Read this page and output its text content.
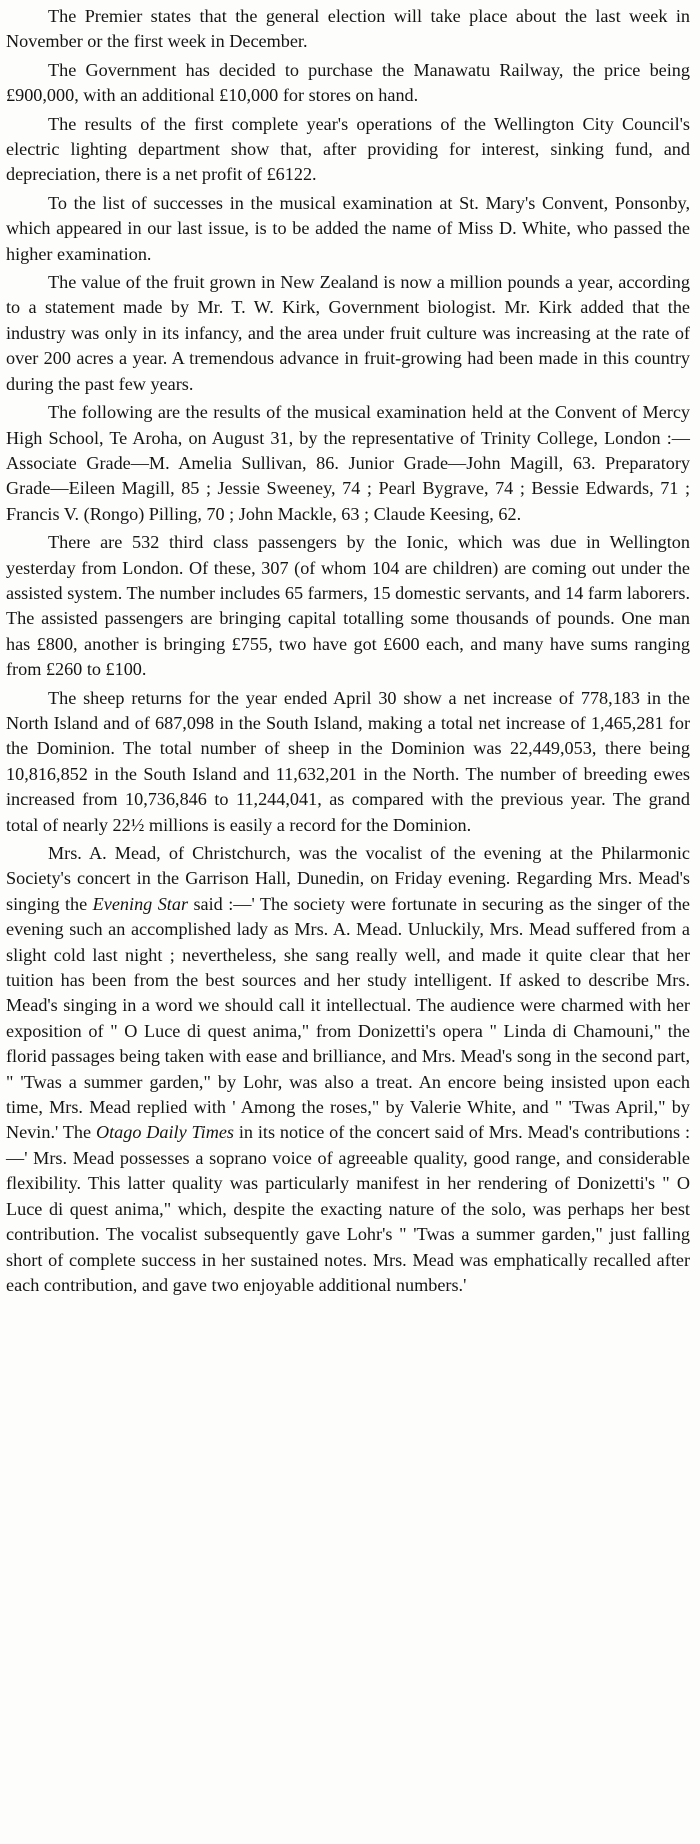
The Premier states that the general election will take place about the last week in November or the first week in December.

The Government has decided to purchase the Manawatu Railway, the price being £900,000, with an additional £10,000 for stores on hand.

The results of the first complete year's operations of the Wellington City Council's electric lighting department show that, after providing for interest, sinking fund, and depreciation, there is a net profit of £6122.

To the list of successes in the musical examination at St. Mary's Convent, Ponsonby, which appeared in our last issue, is to be added the name of Miss D. White, who passed the higher examination.

The value of the fruit grown in New Zealand is now a million pounds a year, according to a statement made by Mr. T. W. Kirk, Government biologist. Mr. Kirk added that the industry was only in its infancy, and the area under fruit culture was increasing at the rate of over 200 acres a year. A tremendous advance in fruit-growing had been made in this country during the past few years.

The following are the results of the musical examination held at the Convent of Mercy High School, Te Aroha, on August 31, by the representative of Trinity College, London :—Associate Grade—M. Amelia Sullivan, 86. Junior Grade—John Magill, 63. Preparatory Grade—Eileen Magill, 85 ; Jessie Sweeney, 74 ; Pearl Bygrave, 74 ; Bessie Edwards, 71 ; Francis V. (Rongo) Pilling, 70 ; John Mackle, 63 ; Claude Keesing, 62.

There are 532 third class passengers by the Ionic, which was due in Wellington yesterday from London. Of these, 307 (of whom 104 are children) are coming out under the assisted system. The number includes 65 farmers, 15 domestic servants, and 14 farm laborers. The assisted passengers are bringing capital totalling some thousands of pounds. One man has £800, another is bringing £755, two have got £600 each, and many have sums ranging from £260 to £100.

The sheep returns for the year ended April 30 show a net increase of 778,183 in the North Island and of 687,098 in the South Island, making a total net increase of 1,465,281 for the Dominion. The total number of sheep in the Dominion was 22,449,053, there being 10,816,852 in the South Island and 11,632,201 in the North. The number of breeding ewes increased from 10,736,846 to 11,244,041, as compared with the previous year. The grand total of nearly 22½ millions is easily a record for the Dominion.

Mrs. A. Mead, of Christchurch, was the vocalist of the evening at the Philarmonic Society's concert in the Garrison Hall, Dunedin, on Friday evening. Regarding Mrs. Mead's singing the Evening Star said :—' The society were fortunate in securing as the singer of the evening such an accomplished lady as Mrs. A. Mead. Unluckily, Mrs. Mead suffered from a slight cold last night ; nevertheless, she sang really well, and made it quite clear that her tuition has been from the best sources and her study intelligent. If asked to describe Mrs. Mead's singing in a word we should call it intellectual. The audience were charmed with her exposition of " O Luce di quest anima," from Donizetti's opera " Linda di Chamouni," the florid passages being taken with ease and brilliance, and Mrs. Mead's song in the second part, " 'Twas a summer garden," by Lohr, was also a treat. An encore being insisted upon each time, Mrs. Mead replied with ' Among the roses," by Valerie White, and " 'Twas April," by Nevin.' The Otago Daily Times in its notice of the concert said of Mrs. Mead's contributions :—' Mrs. Mead possesses a soprano voice of agreeable quality, good range, and considerable flexibility. This latter quality was particularly manifest in her rendering of Donizetti's " O Luce di quest anima," which, despite the exacting nature of the solo, was perhaps her best contribution. The vocalist subsequently gave Lohr's " 'Twas a summer garden," just falling short of complete success in her sustained notes. Mrs. Mead was emphatically recalled after each contribution, and gave two enjoyable additional numbers.'
